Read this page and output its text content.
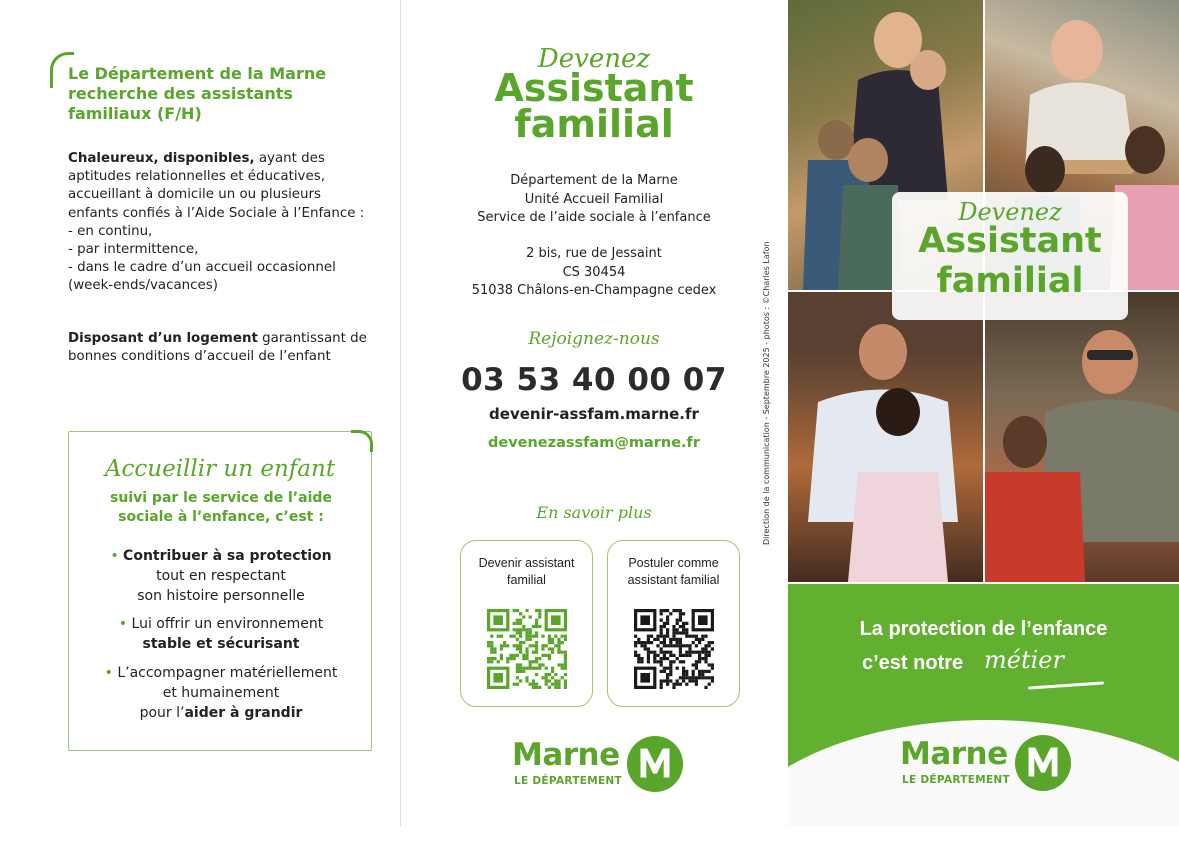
Le Département de la Marne recherche des assistants familiaux (F/H)
Chaleureux, disponibles, ayant des aptitudes relationnelles et éducatives, accueillant à domicile un ou plusieurs enfants confiés à l’Aide Sociale à l’Enfance :
- en continu,
- par intermittence,
- dans le cadre d’un accueil occasionnel (week-ends/vacances)
Disposant d’un logement garantissant de bonnes conditions d’accueil de l’enfant
Accueillir un enfant
suivi par le service de l’aide sociale à l’enfance, c’est :
• Contribuer à sa protection
tout en respectant
son histoire personnelle
• Lui offrir un environnement
stable et sécurisant
• L’accompagner matériellement
et humainement
pour l’aider à grandir
Devenez
Assistant
familial
Département de la Marne
Unité Accueil Familial
Service de l’aide sociale à l’enfance
2 bis, rue de Jessaint
CS 30454
51038 Châlons-en-Champagne cedex
Rejoignez-nous
03 53 40 00 07
devenir-assfam.marne.fr
devenezassfam@marne.fr
En savoir plus
Devenir assistant familial
Postuler comme assistant familial
Marne
LE DÉPARTEMENT
Direction de la communication - Septembre 2025 - photos : ©Charles Lafon
Devenez
Assistant
familial
La protection de l’enfance
c’est notre métier
Marne
LE DÉPARTEMENT
